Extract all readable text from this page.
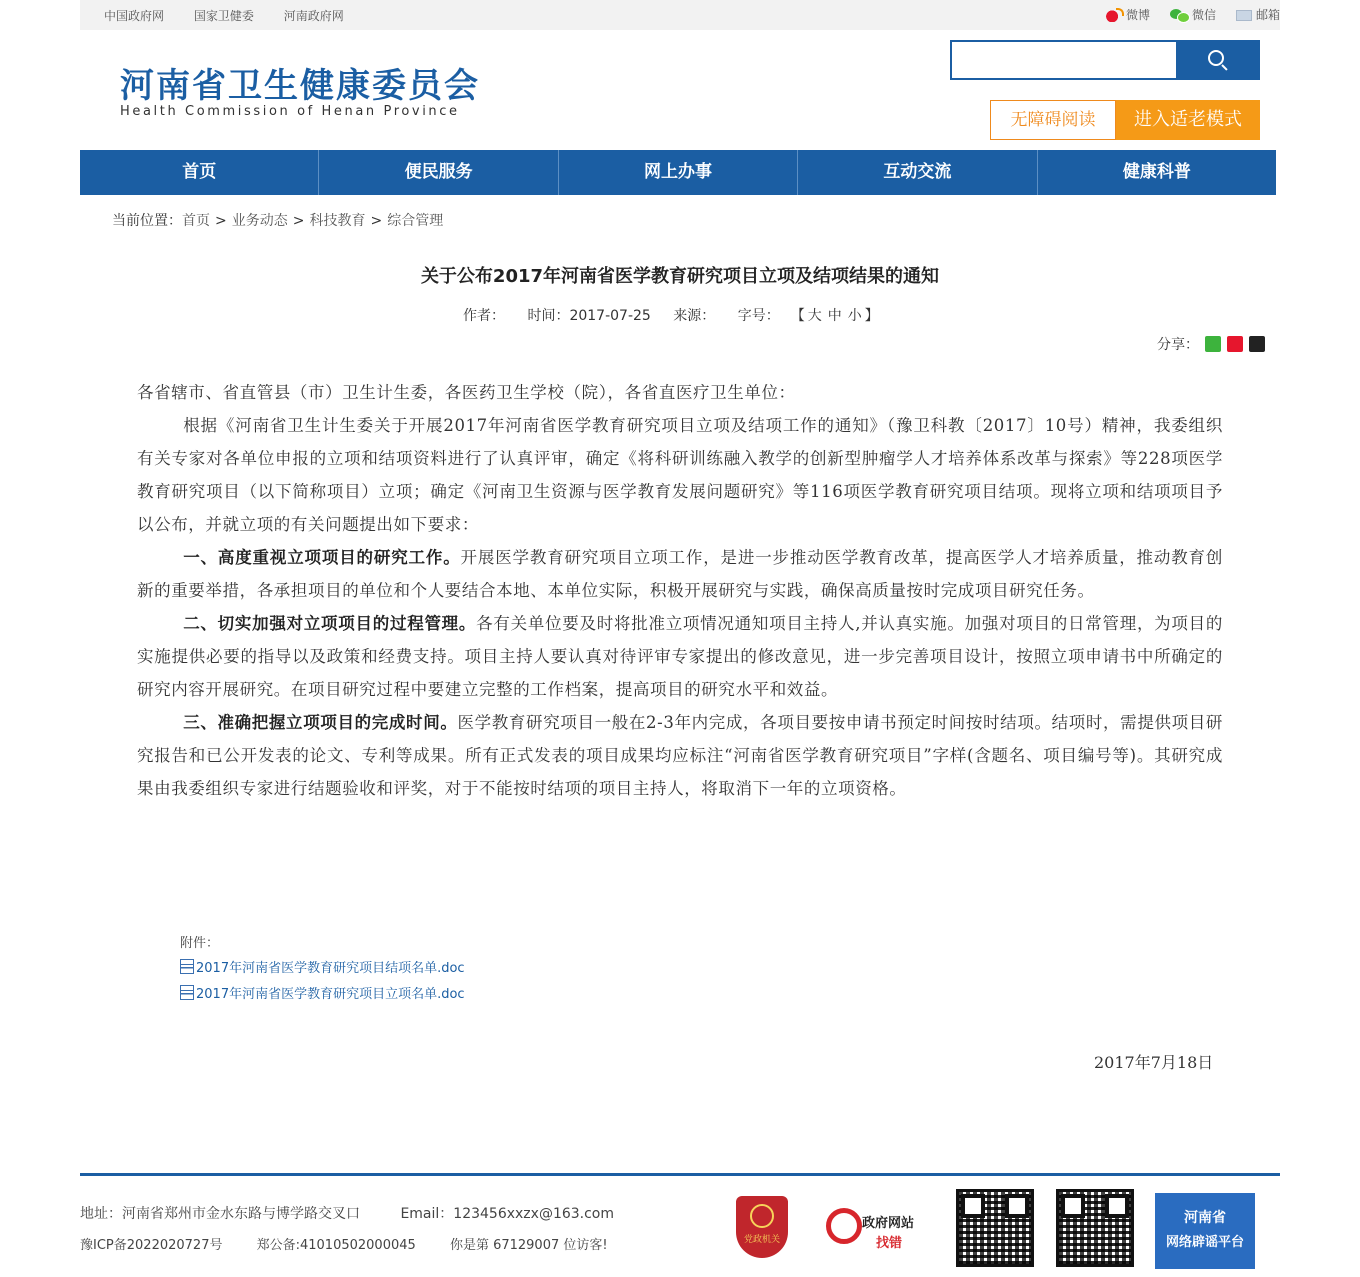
中国政府网 国家卫健委 河南政府网	微博	微信	邮箱
河南省卫生健康委员会
Health Commission of Henan Province	无障碍阅读	进入适老模式
首页	便民服务	网上办事	互动交流	健康科普
当前位置：首页 > 业务动态 > 科技教育 > 综合管理
关于公布2017年河南省医学教育研究项目立项及结项结果的通知
作者： 时间：2017-07-25 来源： 字号： 【 大 中 小 】
分享：

各省辖市、省直管县（市）卫生计生委，各医药卫生学校（院），各省直医疗卫生单位：

根据《河南省卫生计生委关于开展2017年河南省医学教育研究项目立项及结项工作的通知》（豫卫科教〔2017〕10号）精神，我委组织有关专家对各单位申报的立项和结项资料进行了认真评审，确定《将科研训练融入教学的创新型肿瘤学人才培养体系改革与探索》等228项医学教育研究项目（以下简称项目）立项；确定《河南卫生资源与医学教育发展问题研究》等116项医学教育研究项目结项。现将立项和结项项目予以公布，并就立项的有关问题提出如下要求：

一、高度重视立项项目的研究工作。开展医学教育研究项目立项工作，是进一步推动医学教育改革，提高医学人才培养质量，推动教育创新的重要举措，各承担项目的单位和个人要结合本地、本单位实际，积极开展研究与实践，确保高质量按时完成项目研究任务。

二、切实加强对立项项目的过程管理。各有关单位要及时将批准立项情况通知项目主持人,并认真实施。加强对项目的日常管理，为项目的实施提供必要的指导以及政策和经费支持。项目主持人要认真对待评审专家提出的修改意见，进一步完善项目设计，按照立项申请书中所确定的研究内容开展研究。在项目研究过程中要建立完整的工作档案，提高项目的研究水平和效益。

三、准确把握立项项目的完成时间。医学教育研究项目一般在2-3年内完成，各项目要按申请书预定时间按时结项。结项时，需提供项目研究报告和已公开发表的论文、专利等成果。所有正式发表的项目成果均应标注“河南省医学教育研究项目”字样(含题名、项目编号等)。其研究成果由我委组织专家进行结题验收和评奖，对于不能按时结项的项目主持人，将取消下一年的立项资格。

附件：
2017年河南省医学教育研究项目结项名单.doc
2017年河南省医学教育研究项目立项名单.doc
2017年7月18日
地址：河南省郑州市金水东路与博学路交叉口	Email：123456xxzx@163.com
豫ICP备2022020727号	郑公备:41010502000045	你是第 67129007 位访客!	党政机关
政府网站
找错
河南省
网络辟谣平台
